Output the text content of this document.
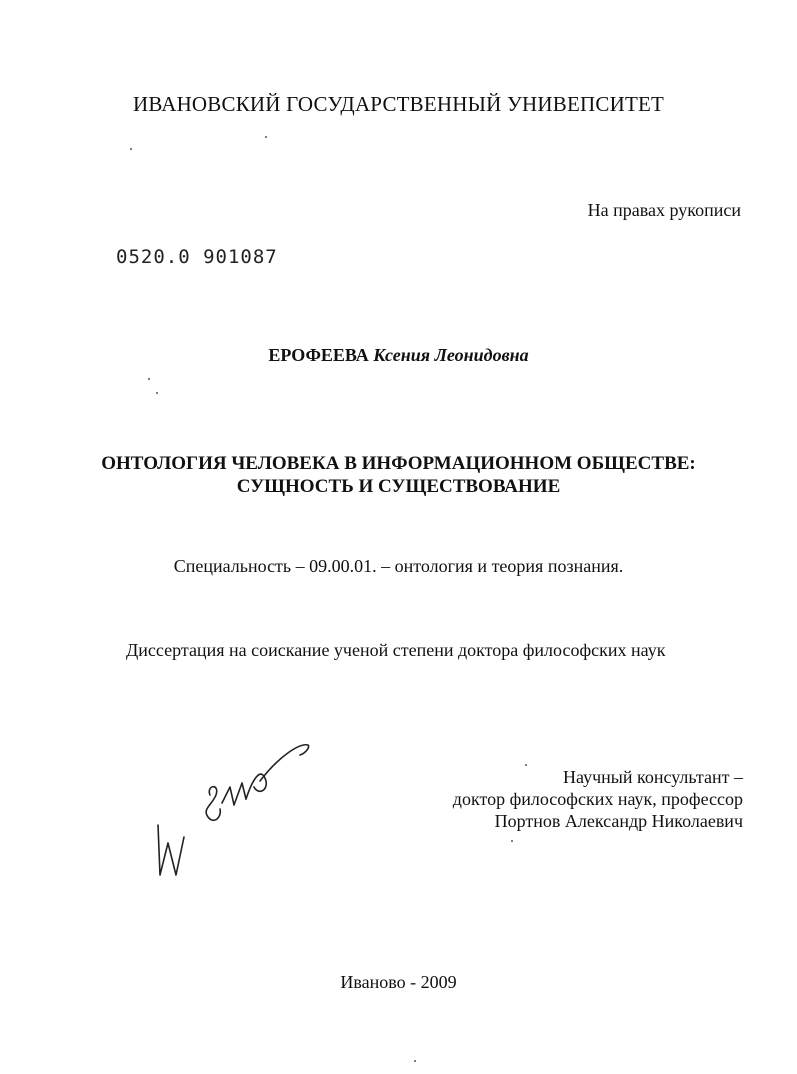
ИВАНОВСКИЙ ГОСУДАРСТВЕННЫЙ УНИВЕПСИТЕТ

На правах рукописи

0520.0 901087

ЕРОФЕЕВА Ксения Леонидовна

ОНТОЛОГИЯ ЧЕЛОВЕКА В ИНФОРМАЦИОННОМ ОБЩЕСТВЕ:
СУЩНОСТЬ И СУЩЕСТВОВАНИЕ

Специальность – 09.00.01. – онтология и теория познания.

Диссертация на соискание ученой степени доктора философских наук

Научный консультант –
доктор философских наук, профессор
Портнов Александр Николаевич

Иваново - 2009
